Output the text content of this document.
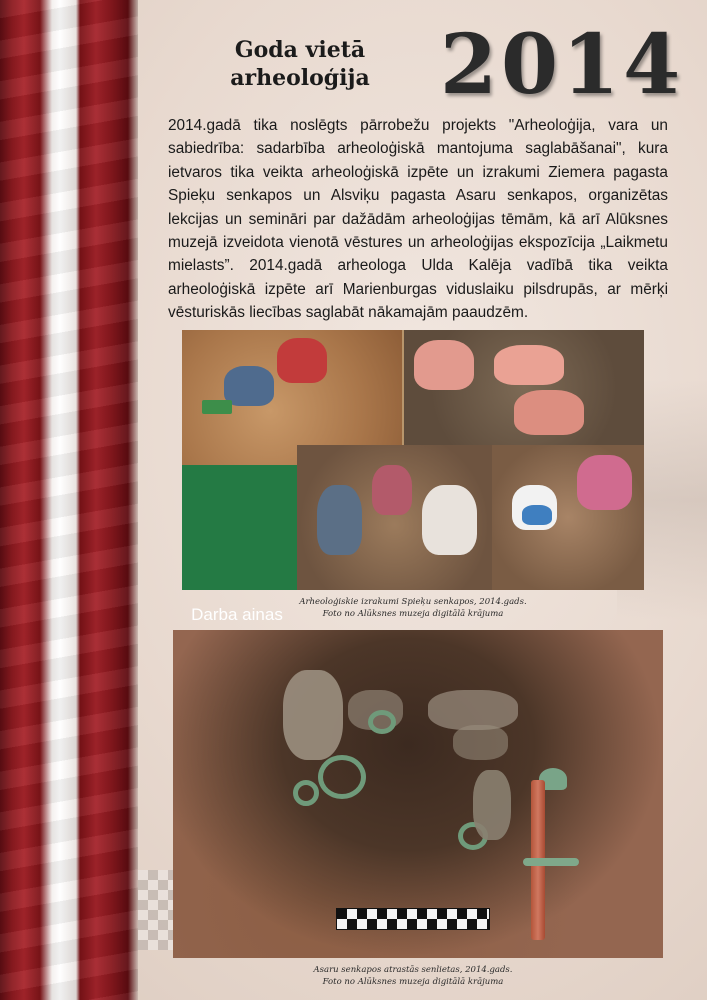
Goda vietā
arheoloģija 2014

2014.gadā tika noslēgts pārrobežu projekts "Arheoloģija, vara un sabiedrība: sadarbība arheoloģiskā mantojuma saglabāšanai", kura ietvaros tika veikta arheoloģiskā izpēte un izrakumi Ziemera pagasta Spieķu senkapos un Alsviķu pagasta Asaru senkapos, organizētas lekcijas un semināri par dažādām arheoloģijas tēmām, kā arī Alūksnes muzejā izveidota vienotā vēstures un arheoloģijas ekspozīcija „Laikmetu mielasts”. 2014.gadā arheologa Ulda Kalēja vadībā tika veikta arheoloģiskā izpēte arī Marienburgas viduslaiku pilsdrupās, ar mērķi vēsturiskās liecības saglabāt nākamajām paaudzēm.

Darba ainas
★ ★ ★
Arheoloģiskie izrakumi Spieķu senkapos, 2014.gads.
Foto no Alūksnes muzeja digitālā krājuma
Asaru senkapos atrastās senlietas, 2014.gads.
Foto no Alūksnes muzeja digitālā krājuma
